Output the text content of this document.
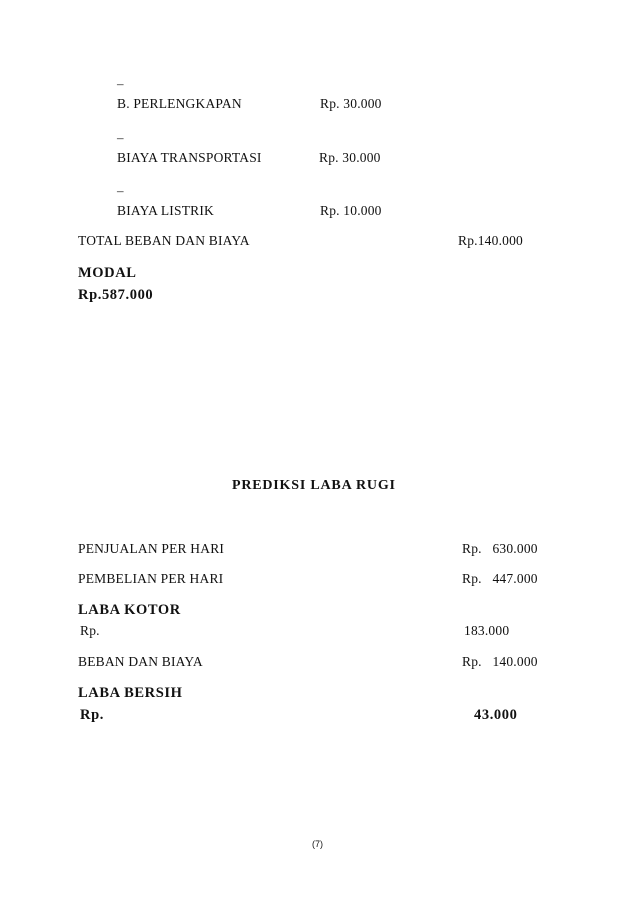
–
B. PERLENGKAPAN	Rp. 30.000
–
BIAYA TRANSPORTASI	Rp. 30.000
–
BIAYA LISTRIK	Rp. 10.000
TOTAL BEBAN DAN BIAYA	Rp.140.000
MODAL
Rp.587.000
PREDIKSI LABA RUGI
PENJUALAN PER HARI	Rp.   630.000
PEMBELIAN PER HARI	Rp.   447.000
LABA KOTOR
Rp.	183.000
BEBAN DAN BIAYA	Rp.   140.000
LABA BERSIH
Rp.	43.000
(7)
